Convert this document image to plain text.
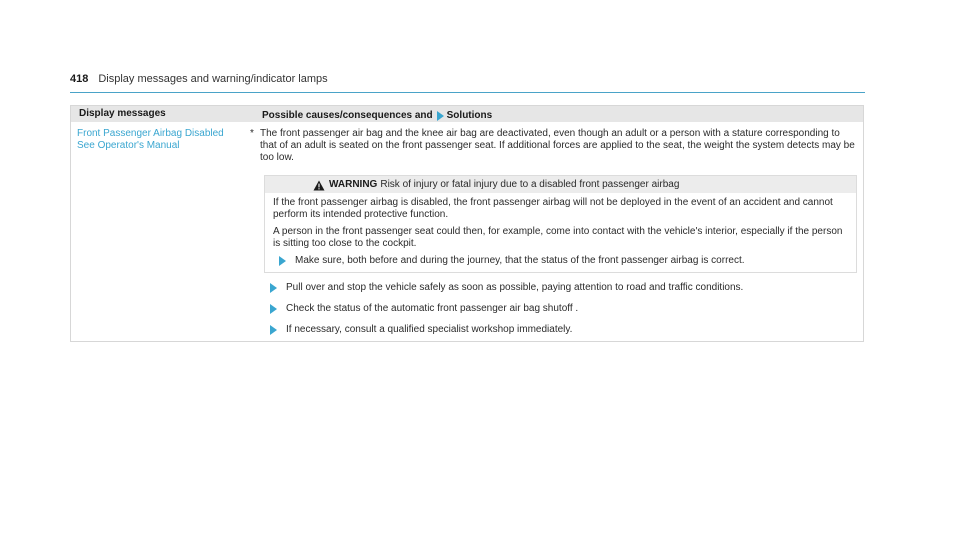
418 Display messages and warning/indicator lamps
Display messages	Possible causes/consequences and Solutions
Front Passenger Airbag Disabled See Operator's Manual
* The front passenger air bag and the knee air bag are deactivated, even though an adult or a person with a stature corresponding to that of an adult is seated on the front passenger seat. If additional forces are applied to the seat, the weight the system detects may be too low.
WARNING Risk of injury or fatal injury due to a disabled front passenger airbag

If the front passenger airbag is disabled, the front passenger airbag will not be deployed in the event of an accident and cannot perform its intended protective function.

A person in the front passenger seat could then, for example, come into contact with the vehicle's interior, especially if the person is sitting too close to the cockpit.

Make sure, both before and during the journey, that the status of the front passenger airbag is correct.
Pull over and stop the vehicle safely as soon as possible, paying attention to road and traffic conditions.
Check the status of the automatic front passenger air bag shutoff .
If necessary, consult a qualified specialist workshop immediately.
